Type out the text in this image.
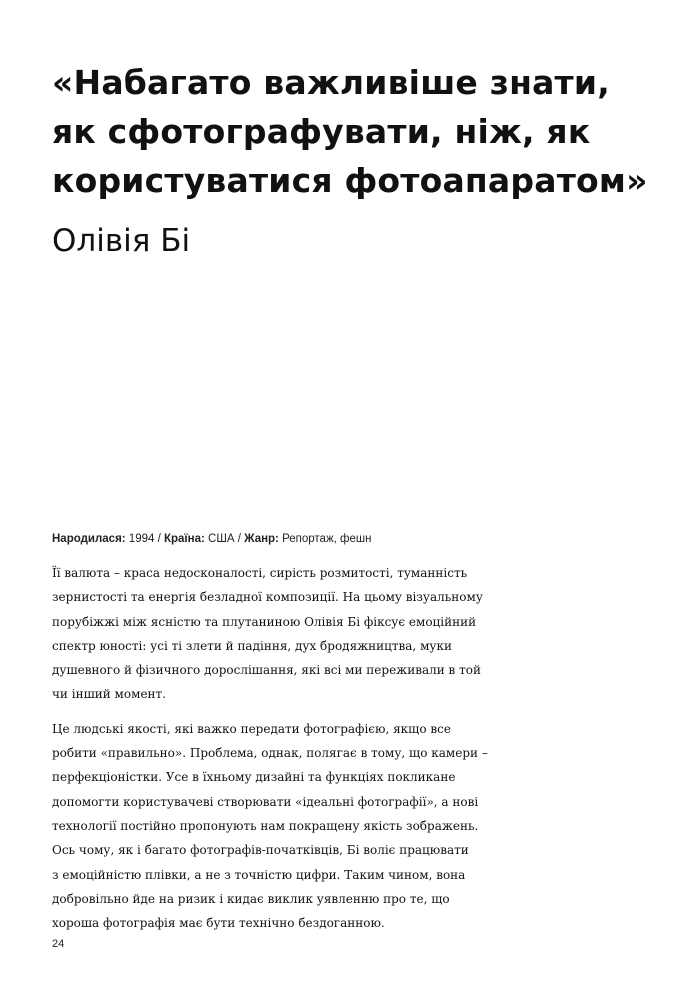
«Набагато важливіше знати,
як сфотографувати, ніж, як
користуватися фотоапаратом»
Олівія Бі
Народилася: 1994 / Країна: США / Жанр: Репортаж, фешн

Її валюта – краса недосконалості, сирість розмитості, туманність
зернистості та енергія безладної композиції. На цьому візуальному
порубіжжі між ясністю та плутаниною Олівія Бі фіксує емоційний
спектр юності: усі ті злети й падіння, дух бродяжництва, муки
душевного й фізичного дорослішання, які всі ми переживали в той
чи інший момент.

Це людські якості, які важко передати фотографією, якщо все
робити «правильно». Проблема, однак, полягає в тому, що камери –
перфекціоністки. Усе в їхньому дизайні та функціях покликане
допомогти користувачеві створювати «ідеальні фотографії», а нові
технології постійно пропонують нам покращену якість зображень.
Ось чому, як і багато фотографів-початківців, Бі воліє працювати
з емоційністю плівки, а не з точністю цифри. Таким чином, вона
добровільно йде на ризик і кидає виклик уявленню про те, що
хороша фотографія має бути технічно бездоганною.

24
